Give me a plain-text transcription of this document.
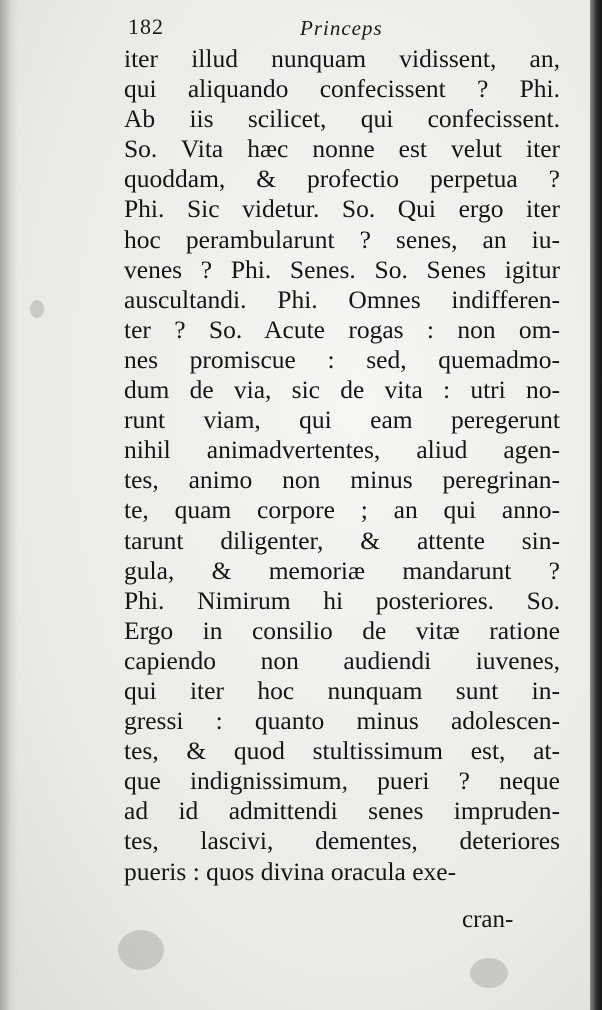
182	Princeps
iter illud nunquam vidissent, an,
qui aliquando confecissent ? Phi.
Ab iis scilicet, qui confecissent.
So. Vita hæc nonne est velut iter
quoddam, & profectio perpetua ?
Phi. Sic videtur. So. Qui ergo iter
hoc perambularunt ? senes, an iu-
venes ? Phi. Senes. So. Senes igitur
auscultandi. Phi. Omnes indifferen-
ter ? So. Acute rogas : non om-
nes promiscue : sed, quemadmo-
dum de via, sic de vita : utri no-
runt viam, qui eam peregerunt
nihil animadvertentes, aliud agen-
tes, animo non minus peregrinan-
te, quam corpore ; an qui anno-
tarunt diligenter, & attente sin-
gula, & memoriæ mandarunt ?
Phi. Nimirum hi posteriores. So.
Ergo in consilio de vitæ ratione
capiendo non audiendi iuvenes,
qui iter hoc nunquam sunt in-
gressi : quanto minus adolescen-
tes, & quod stultissimum est, at-
que indignissimum, pueri ? neque
ad id admittendi senes impruden-
tes, lascivi, dementes, deteriores
pueris : quos divina oracula exe-
cran-
